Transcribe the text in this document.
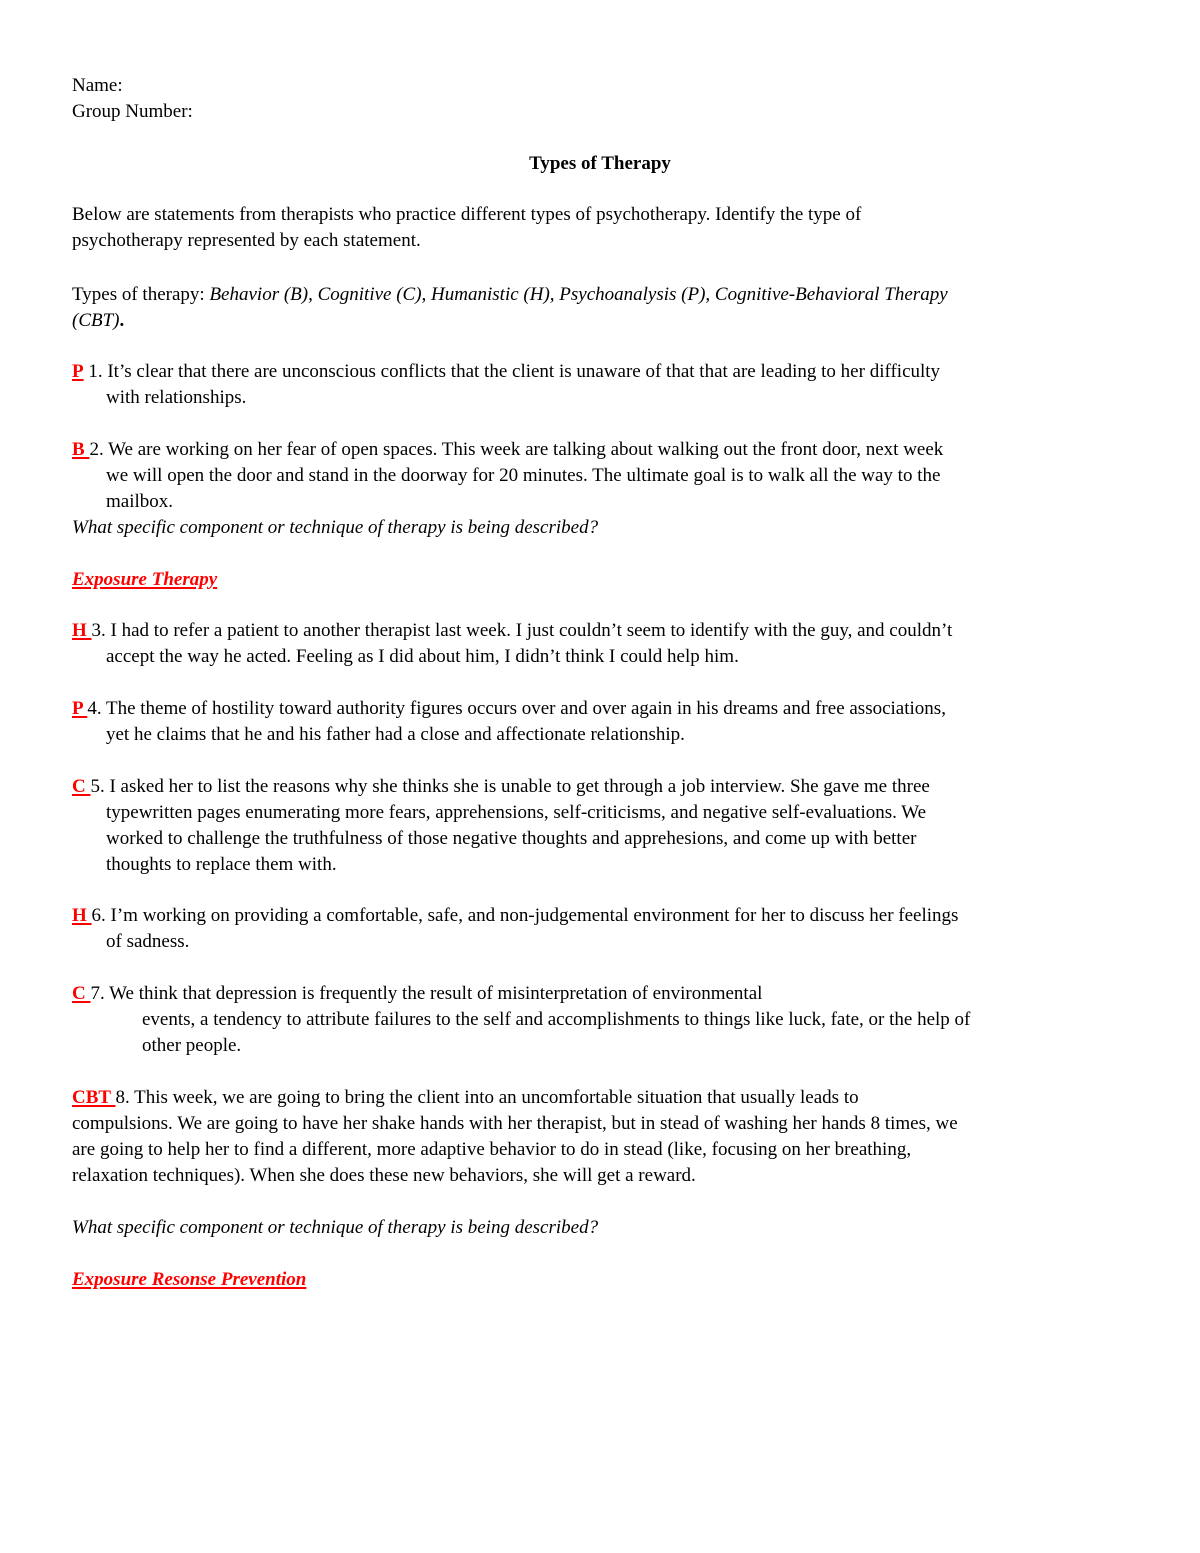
Name:

Group Number:

Types of Therapy

Below are statements from therapists who practice different types of psychotherapy. Identify the type of

psychotherapy represented by each statement.

Types of therapy: Behavior (B), Cognitive (C), Humanistic (H), Psychoanalysis (P), Cognitive-Behavioral Therapy

(CBT).

P 1. It’s clear that there are unconscious conflicts that the client is unaware of that that are leading to her difficulty

with relationships.

B 2. We are working on her fear of open spaces. This week are talking about walking out the front door, next week

we will open the door and stand in the doorway for 20 minutes. The ultimate goal is to walk all the way to the

mailbox.

What specific component or technique of therapy is being described?

Exposure Therapy

H 3. I had to refer a patient to another therapist last week. I just couldn’t seem to identify with the guy, and couldn’t

accept the way he acted. Feeling as I did about him, I didn’t think I could help him.

P 4. The theme of hostility toward authority figures occurs over and over again in his dreams and free associations,

yet he claims that he and his father had a close and affectionate relationship.

C 5. I asked her to list the reasons why she thinks she is unable to get through a job interview. She gave me three

typewritten pages enumerating more fears, apprehensions, self-criticisms, and negative self-evaluations. We

worked to challenge the truthfulness of those negative thoughts and apprehesions, and come up with better

thoughts to replace them with.

H 6. I’m working on providing a comfortable, safe, and non-judgemental environment for her to discuss her feelings

of sadness.

C 7. We think that depression is frequently the result of misinterpretation of environmental

events, a tendency to attribute failures to the self and accomplishments to things like luck, fate, or the help of

other people.

CBT 8. This week, we are going to bring the client into an uncomfortable situation that usually leads to

compulsions. We are going to have her shake hands with her therapist, but in stead of washing her hands 8 times, we

are going to help her to find a different, more adaptive behavior to do in stead (like, focusing on her breathing,

relaxation techniques). When she does these new behaviors, she will get a reward.

What specific component or technique of therapy is being described?

Exposure Resonse Prevention
